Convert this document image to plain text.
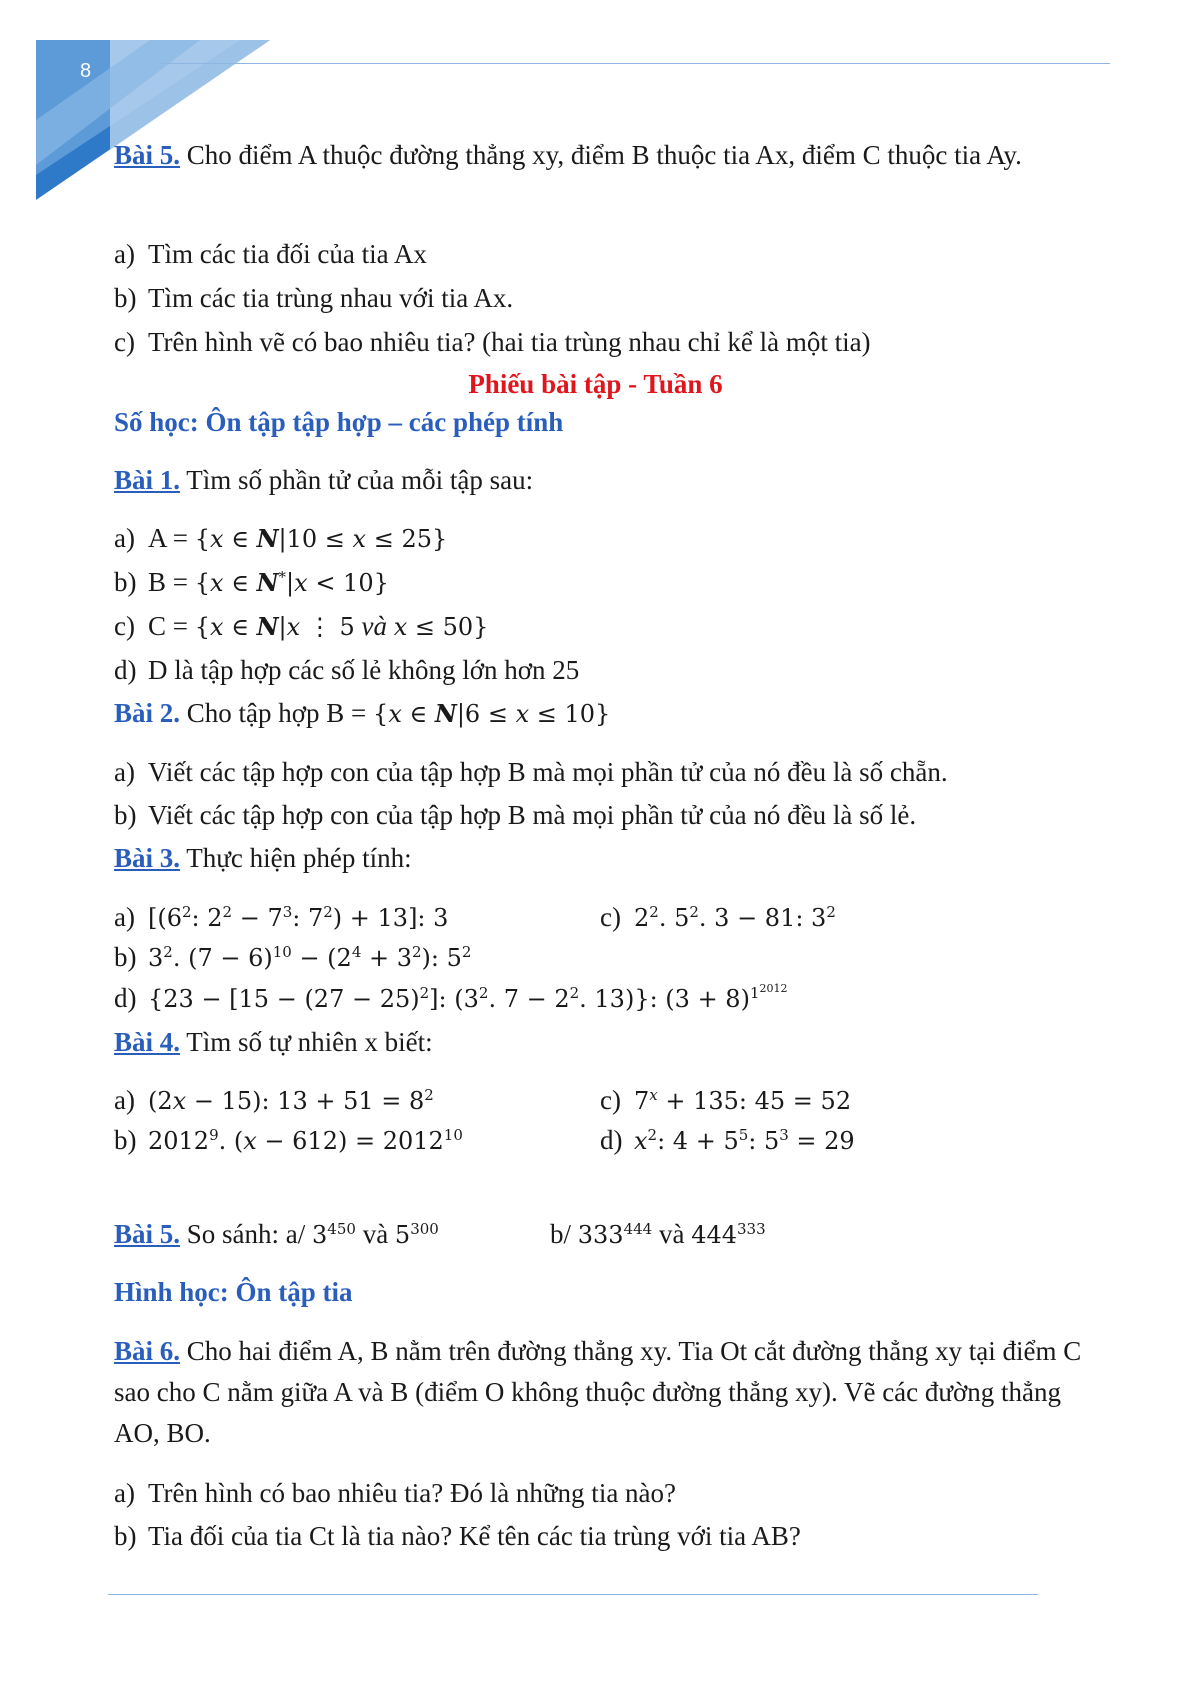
8
Bài 5. Cho điểm A thuộc đường thẳng xy, điểm B thuộc tia Ax, điểm C thuộc tia Ay.
a) Tìm các tia đối của tia Ax
b) Tìm các tia trùng nhau với tia Ax.
c) Trên hình vẽ có bao nhiêu tia? (hai tia trùng nhau chỉ kể là một tia)
Phiếu bài tập - Tuần 6
Số học: Ôn tập tập hợp – các phép tính
Bài 1. Tìm số phần tử của mỗi tập sau:
a) A = {x ∈ N|10 ≤ x ≤ 25}
b) B = {x ∈ N*|x < 10}
c) C = {x ∈ N|x ⋮ 5 và x ≤ 50}
d) D là tập hợp các số lẻ không lớn hơn 25
Bài 2. Cho tập hợp B = {x ∈ N|6 ≤ x ≤ 10}
a) Viết các tập hợp con của tập hợp B mà mọi phần tử của nó đều là số chẵn.
b) Viết các tập hợp con của tập hợp B mà mọi phần tử của nó đều là số lẻ.
Bài 3. Thực hiện phép tính:
a) [($6^2$: $2^2 - 7^3$: $7^2) + 13$]: 3	c) $2^2$. $5^2$. 3 − 81: $3^2$
b) $3^2$. $(7 - 6)^{10} - (2^4 + 3^2)$: $5^2$
d) {$23 - [15 - (27 - 25)^2]$: ($3^2$. $7 - 2^2$. 13)}: $(3 + 8)^{1^{2012}}$
Bài 4. Tìm số tự nhiên x biết:
a) (2x − 15): $13 + 51 = 8^2$	c) $7^x + 135$: 45 = 52
b) 2012$^9$. $(x - 612) = 2012^{10}$	d) $x^2$: $4 + 5^5$: $5^3 = 29$
Bài 5. So sánh: a/ $3^{450}$ và $5^{300}$	b/ $333^{444}$ và $444^{333}$
Hình học: Ôn tập tia
Bài 6. Cho hai điểm A, B nằm trên đường thẳng xy. Tia Ot cắt đường thẳng xy tại điểm C sao cho C nằm giữa A và B (điểm O không thuộc đường thẳng xy). Vẽ các đường thẳng AO, BO.
a) Trên hình có bao nhiêu tia? Đó là những tia nào?
b) Tia đối của tia Ct là tia nào? Kể tên các tia trùng với tia AB?
